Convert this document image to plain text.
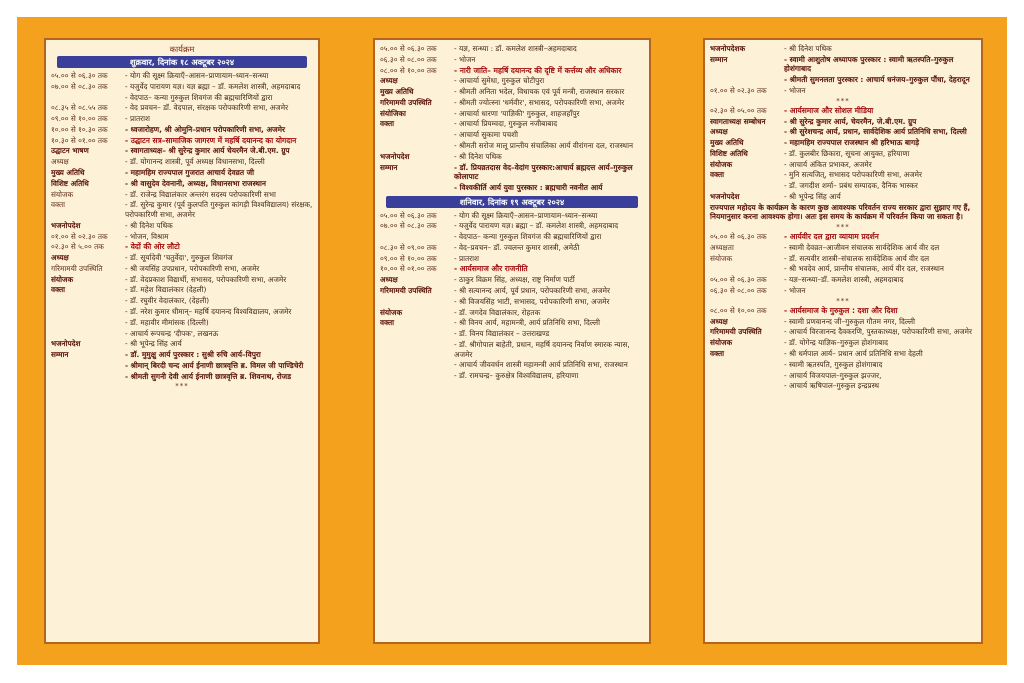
कार्यक्रम
शुक्रवार, दिनांक १८ अक्टूबर २०२४
०५.०० से ०६.३० तक	- योग की सूक्ष्म क्रियाएँ–आसन–प्राणायाम–ध्यान–सन्ध्या
०७.०० से ०८.३० तक	- यजुर्वेद पारायण यज्ञ। यज्ञ ब्रह्मा – डॉ. कमलेश शास्त्री, अहमदाबाद
- वेदपाठ– कन्या गुरुकुल शिवगंज की ब्रह्मचारिणियों द्वारा
०८.३५ से ०८.५५ तक	- वेद प्रवचन– डॉ. वेदपाल, संरक्षक परोपकारिणी सभा, अजमेर
०९.०० से १०.०० तक	- प्रातराश
१०.०० से १०.३० तक	- ध्वजारोहण, श्री ओमुनि–प्रधान परोपकारिणी सभा, अजमेर
१०.३० से ०१.०० तक	- उद्घाटन सत्र–सामाजिक जागरण में महर्षि दयानन्द का योगदान
उद्घाटन भाषण	- स्वागताध्यक्ष– श्री सुरेन्द्र कुमार आर्य चेयरमैन जे.बी.एम. ग्रुप
अध्यक्ष	- डॉ. योगानन्द शास्त्री, पूर्व अध्यक्ष विधानसभा, दिल्ली
मुख्य अतिथि	- महामहिम राज्यपाल गुजरात आचार्य देवव्रत जी
विशिष्ट अतिथि	- श्री वासुदेव देवनानी, अध्यक्ष, विधानसभा राजस्थान
संयोजक	- डॉ. राजेन्द्र विद्यालंकार अन्तरंग सदस्य परोपकारिणी सभा
वक्ता	- डॉ. सुरेन्द्र कुमार (पूर्व कुलपति गुरुकुल कांगड़ी विश्वविद्यालय) संरक्षक, परोपकारिणी सभा, अजमेर
भजनोपदेश	- श्री दिनेश पथिक
०१.०० से ०२.३० तक	- भोजन, विश्राम
०२.३० से ५.०० तक	- वेदों की ओर लौटो
अध्यक्ष	- डॉ. सूर्यादेवी 'चतुर्वेदा', गुरुकुल शिवगंज
गरिमामयी उपस्थिति	- श्री जयसिंह उपप्रधान, परोपकारिणी सभा, अजमेर
संयोजक	- डॉ. वेदप्रकाश विद्यार्थी, सभासद, परोपकारिणी सभा, अजमेर
वक्ता	- डॉ. महेश विद्यालंकार (देहली)
- डॉ. रघुवीर वेदालंकार, (देहली)
- डॉ. नरेश कुमार धीमान्– महर्षि दयानन्द विश्वविद्यालय, अजमेर
- डॉ. महावीर मीमांसक (दिल्ली)
- आचार्य रूपचन्द्र 'दीपक', लखनऊ
भजनोपदेश	- श्री भूपेन्द्र सिंह आर्य
सम्मान	- डॉ. मुमुक्षु आर्य पुरस्कार : सुश्री रुचि आर्य–विपुरा
- श्रीमान् बिरदी चन्द आर्य ईनाणी छात्रवृत्ति ब्र. विमल जी पाण्डिचेरी
- श्रीमती सुगनी देवी आर्य ईनाणी छात्रवृत्ति ब्र. शिवनाथ, रोजड
***
०५.०० से ०६.३० तक	- यज्ञ, सन्ध्या : डॉ. कमलेश शास्त्री–अहमदाबाद
०६.३० से ०८.०० तक	- भोजन
०८.०० से १०.०० तक	- नारी जाति– महर्षि दयानन्द की दृष्टि में कर्त्तव्य और अधिकार
अध्यक्ष	- आचार्या सुमेधा, गुरुकुल चोटीपुरा
मुख्य अतिथि	- श्रीमती अनिता भदेल, विधायक एवं पूर्व मन्त्री, राजस्थान सरकार
गरिमामयी उपस्थिति	- श्रीमती ज्योत्स्ना 'धर्मवीर', सभासद, परोपकारिणी सभा, अजमेर
संयोजिका	- आचार्या धारणा 'याज्ञिकी' गुरुकुल, शाहजहाँपुर
वक्ता	- आचार्या प्रियम्वदा, गुरुकुल नजीबाबाद
- आचार्या सुकामा पचशी
- श्रीमती सरोज मालू प्रान्तीय संचालिका आर्य वीरांगना दल, राजस्थान
भजनोपदेश	- श्री दिनेश पथिक
सम्मान	- डॉ. प्रियव्रतदास वेद–वेदांग पुरस्कार:आचार्य ब्रह्मदत्त आर्य–गुरुकुल कोलापाट
- विश्वकीर्ति आर्य युवा पुरस्कार : ब्रह्मचारी नवनीत आर्य
शनिवार, दिनांक १९ अक्टूबर २०२४
०५.०० से ०६.३० तक	- योग की सूक्ष्म क्रियाएँ–आसन–प्राणायाम–ध्यान–सन्ध्या
०७.०० से ०८.३० तक	- यजुर्वेद पारायण यज्ञ। ब्रह्मा – डॉ. कमलेश शास्त्री, अहमदाबाद
- वेदपाठ– कन्या गुरुकुल शिवगंज की ब्रह्मचारिणियों द्वारा
०८.३० से ०९.०० तक	- वेद–प्रवचन– डॉ. ज्वलन्त कुमार शास्त्री, अमेठी
०९.०० से १०.०० तक	- प्रातराश
१०.०० से ०१.०० तक	- आर्यसमाज और राजनीति
अध्यक्ष	- ठाकुर विक्रम सिंह, अध्यक्ष, राष्ट्र निर्माण पार्टी
गरिमामयी उपस्थिति	- श्री सत्यानन्द आर्य, पूर्व प्रधान, परोपकारिणी सभा, अजमेर
- श्री विजयसिंह भाटी, सभासद, परोपकारिणी सभा, अजमेर
संयोजक	- डॉ. जगदेव विद्यालंकार, रोहतक
वक्ता	- श्री विनय आर्य, महामन्त्री, आर्य प्रतिनिधि सभा, दिल्ली
- डॉ. विनय विद्यालंकार – उत्तराखण्ड
- डॉ. श्रीगोपाल बाहेती, प्रधान, महर्षि दयानन्द निर्वाण स्मारक न्यास, अजमेर
- आचार्य जीववर्धन शास्त्री महामन्त्री आर्य प्रतिनिधि सभा, राजस्थान
- डॉ. रामचन्द्र– कुरुक्षेत्र विश्वविद्यालय, हरियाणा
भजनोपदेशक	- श्री दिनेश पथिक
सम्मान	- स्वामी आशुतोष अध्यापक पुरस्कार : स्वामी ऋतस्पति–गुरुकुल होशंगाबाद
- श्रीमती सुमनलता पुरस्कार : आचार्य धनंजय–गुरुकुल पौंधा, देहरादून
०१.०० से ०२.३० तक	- भोजन
***
०२.३० से ०५.०० तक	- आर्यसमाज और सोशल मीडिया
स्वागताध्यक्ष सम्बोधन	- श्री सुरेन्द्र कुमार आर्य, चेयरमैन, जे.बी.एम. ग्रुप
अध्यक्ष	- श्री सुरेशचन्द्र आर्य, प्रधान, सार्वदेशिक आर्य प्रतिनिधि सभा, दिल्ली
मुख्य अतिथि	- महामहिम राज्यपाल राजस्थान श्री हरिभाऊ बागड़े
विशिष्ट अतिथि	- डॉ. कुलबीर छिकारा, सूचना आयुक्त, हरियाणा
संयोजक	- आचार्य अंकित प्रभाकर, अजमेर
वक्ता	- मुनि सत्यजित्, सभासद परोपकारिणी सभा, अजमेर
- डॉ. जगदीश शर्मा– प्रबंध सम्पादक, दैनिक भास्कर
भजनोपदेश	- श्री भूपेन्द्र सिंह आर्य
राज्यपाल महोदय के कार्यक्रम के कारण कुछ आवश्यक परिवर्तन राज्य सरकार द्वारा सुझाए गए हैं, नियमानुसार करना आवश्यक होगा। अतः इस समय के कार्यक्रम में परिवर्तन किया जा सकता है।
***
०५.०० से ०६.३० तक	- आर्यवीर दल द्वारा व्यायाम प्रदर्शन
अध्यक्षता	- स्वामी देवव्रत–आजीवन संचालक सार्वदेशिक आर्य वीर दल
संयोजक	- डॉ. सत्यवीर शास्त्री–संचालक सार्वदेशिक आर्य वीर दल
- श्री भवदेव आर्य, प्रान्तीय संचालक, आर्य वीर दल, राजस्थान
०५.०० से ०६.३० तक	- यज्ञ–सन्ध्या–डॉ. कमलेश शास्त्री, अहमदाबाद
०६.३० से ०८.०० तक	- भोजन
***
०८.०० से १०.०० तक	- आर्यसमाज के गुरुकुल : दशा और दिशा
अध्यक्ष	- स्वामी प्रणवानन्द जी–गुरुकुल गौतम नगर, दिल्ली
गरिमामयी उपस्थिति	- आचार्य विरजानन्द दैवकरणि, पुस्तकाध्यक्ष, परोपकारिणी सभा, अजमेर
संयोजक	- डॉ. योगेन्द्र याज्ञिक–गुरुकुल होशंगाबाद
वक्ता	- श्री धर्मपाल आर्य– प्रधान आर्य प्रतिनिधि सभा देहली
- स्वामी ऋतस्पति, गुरुकुल होशंगाबाद
- आचार्य विजयपाल–गुरुकुल झज्जर,
- आचार्य ऋषिपाल–गुरुकुल इन्द्रप्रस्थ
